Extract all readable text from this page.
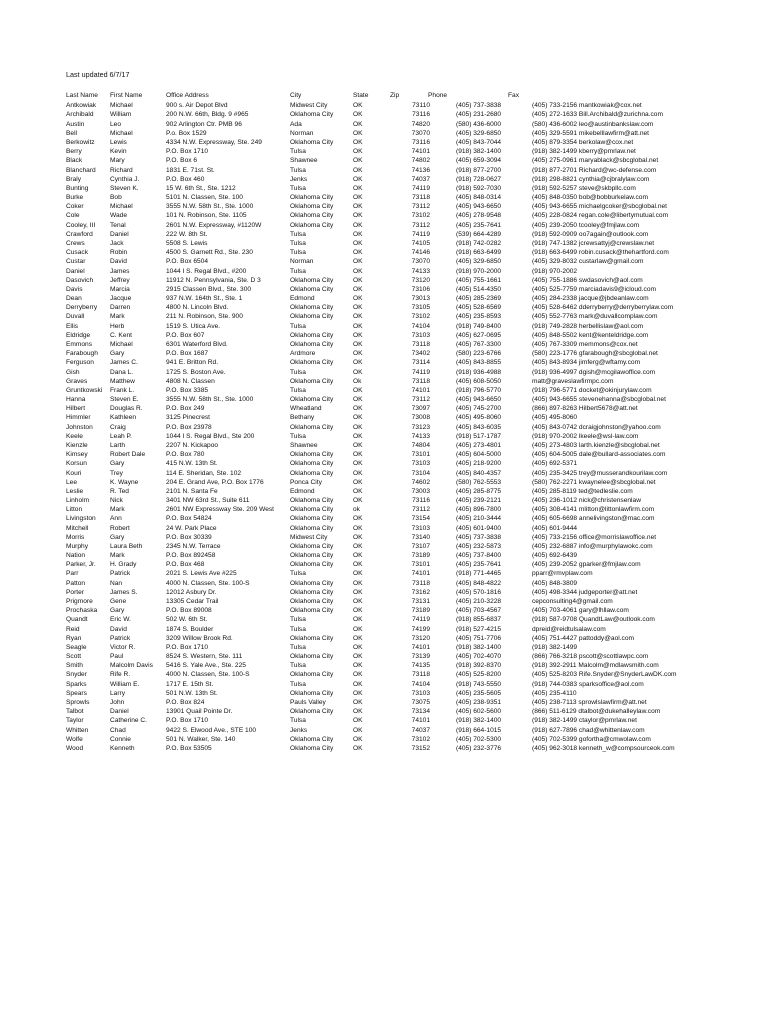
Last updated 6/7/17
Last Name	First Name	Office Address	City	State	Zip	Phone	Fax
Antkowiak	Michael	900 s. Air Depot Blvd	Midwest City	OK	73110	(405) 737-3838	(405) 733-2156 mantkowiak@cox.net
Archibald	William	200 N.W. 66th, Bldg. 9 #965	Oklahoma City	OK	73116	(405) 231-2680	(405) 272-1633 Bill.Archibald@zurichna.com
Austin	Leo	902 Arlington Ctr. PMB 96	Ada	OK	74820	(580) 436-6000	(580) 436-6002 leo@austinbankslaw.com
Bell	Michael	P.o. Box 1529	Norman	OK	73070	(405) 329-6850	(405) 329-5591 mikebelllawfirm@att.net
Berkowitz	Lewis	4334 N.W. Expressway, Ste. 249	Oklahoma City	OK	73116	(405) 843-7044	(405) 879-3354 berkolaw@cox.net
Berry	Kevin	P.O. Box 1710	Tulsa	OK	74101	(918) 382-1400	(918) 382-1499 kberry@pmrlaw.net
Black	Mary	P.O. Box 6	Shawnee	OK	74802	(405) 659-3094	(405) 275-0961 maryablack@sbcglobal.net
Blanchard	Richard	1831 E. 71st. St.	Tulsa	OK	74136	(918) 877-2700	(918) 877-2701 Richard@wc-defense.com
Braly	Cynthia J.	P.O. Box 460	Jenks	OK	74037	(918) 728-0627	(918) 298-8821 cynthia@cjbralylaw.com
Bunting	Steven K.	15 W. 6th St., Ste. 1212	Tulsa	OK	74119	(918) 592-7030	(918) 592-5257 steve@skbpllc.com
Burke	Bob	5101 N. Classen, Ste. 100	Oklahoma City	OK	73118	(405) 848-0314	(405) 848-0350 bob@bobburkelaw.com
Coker	Michael	3555 N.W. 58th St., Ste. 1000	Oklahoma City	OK	73112	(405) 943-6650	(405) 943-6655 michaelgcoker@sbcglobal.net
Cole	Wade	101 N. Robinson, Ste. 1105	Oklahoma City	OK	73102	(405) 278-9548	(405) 228-0824 regan.cole@libertymutual.com
Cooley, III	Tenal	2601 N.W. Expressway, #1120W	Oklahoma City	OK	73112	(405) 235-7641	(405) 239-2050 tcooley@fmjlaw.com
Crawford	Daniel	222 W. 8th St.	Tulsa	OK	74119	(539) 664-4289	(918) 592-0909 oo7again@outlook.com
Crews	Jack	5508 S. Lewis	Tulsa	OK	74105	(918) 742-0282	(918) 747-1382 jcrewsattyj@crewslaw.net
Cusack	Robin	4500 S. Garnett Rd., Ste. 230	Tulsa	OK	74146	(918) 663-6499	(918) 663-6499 robin.cusack@thehartford.com
Custar	David	P.O. Box 6504	Norman	OK	73070	(405) 329-6850	(405) 329-8032 custarlaw@gmail.com
Daniel	James	1044 I S. Regal Blvd., #200	Tulsa	OK	74133	(918) 970-2000	(918) 970-2002
Dasovich	Jeffrey	11912 N. Pennsylvania, Ste. D 3	Oklahoma City	OK	73120	(405) 755-1661	(405) 755-1886 swdasovich@aol.com
Davis	Marcia	2915 Classen Blvd., Ste. 300	Oklahoma City	OK	73106	(405) 514-4350	(405) 525-7759 marciadavis9@icloud.com
Dean	Jacque	937 N.W. 164th St., Ste. 1	Edmond	OK	73013	(405) 285-2369	(405) 284-2338 jacque@jbdeanlaw.com
Derryberry	Darren	4800 N. Lincoln Blvd.	Oklahoma City	OK	73105	(405) 528-6569	(405) 528-6462 dderryberry@derryberrylaw.com
Duvall	Mark	211 N. Robinson, Ste. 900	Oklahoma City	OK	73102	(405) 235-8593	(405) 552-7763 mark@duvallcomplaw.com
Ellis	Herb	1519 S. Utica Ave.	Tulsa	OK	74104	(918) 749-8400	(918) 749-2828 herbellislaw@aol.com
Eldridge	C. Kent	P.O. Box 607	Oklahoma City	OK	73103	(405) 627-0695	(405) 848-5502 kent@kenteldridge.com
Emmons	Michael	6301 Waterford Blvd.	Oklahoma City	OK	73118	(405) 767-3300	(405) 767-3309 memmons@cox.net
Farabough	Gary	P.O. Box 1687	Ardmore	OK	73402	(580) 223-6766	(580) 223-1776 gfarabough@sbcglobal.net
Ferguson	James C.	941 E. Britton Rd.	Oklahoma City	OK	73114	(405) 843-8855	(405) 843-8934 jimferg@wftamy.com
Gish	Dana L.	1725 S. Boston Ave.	Tulsa	OK	74119	(918) 936-4988	(918) 936-4997 dgish@mcgilawoffice.com
Graves	Matthew	4808 N. Classen	Oklahoma City	Ok	73118	(405) 608-5050	matt@graveslawfirmpc.com
Gruntkowski	Frank L.	P.O. Box 3385	Tulsa	OK	74101	(918) 796-5770	(918) 796-5771 docket@okinjurylaw.com
Hanna	Steven E.	3555 N.W. 58th St., Ste. 1000	Oklahoma City	OK	73112	(405) 943-6650	(405) 943-6655 stevenehanna@sbcglobal.net
Hilbert	Douglas R.	P.O. Box 249	Wheatland	OK	73097	(405) 745-2700	(866) 897-8263 Hilbert5678@att.net
Himmler	Kathleen	3125 Pinecrest	Bethany	OK	73008	(405) 495-8060	(405) 495-8060
Johnston	Craig	P.O. Box 23978	Oklahoma City	OK	73123	(405) 843-6035	(405) 843-0742 dcraigjohnston@yahoo.com
Keele	Leah P.	1044 I S. Regal Blvd., Ste 200	Tulsa	OK	74133	(918) 517-1787	(918) 970-2002 lkeele@wsl-law.com
Kienzle	Larth	2207 N. Kickapoo	Shawnee	OK	74804	(405) 273-4801	(405) 273-4803 larth.kienzle@sbcglobal.net
Kimsey	Robert Dale	P.O. Box 780	Oklahoma City	OK	73101	(405) 604-5000	(405) 604-5005 dale@bullard-associates.com
Korsun	Gary	415 N.W. 13th St.	Oklahoma City	OK	73103	(405) 218-9200	(405) 692-5371
Kouri	Trey	114 E. Sheridan, Ste. 102	Oklahoma City	OK	73104	(405) 840-4357	(405) 235-3425 trey@musserandkourilaw.com
Lee	K. Wayne	204 E. Grand Ave, P.O. Box 1776	Ponca City	OK	74602	(580) 762-5553	(580) 762-2271 kwaynelee@sbcglobal.net
Leslie	R. Ted	2101 N. Santa Fe	Edmond	OK	73003	(405) 285-8775	(405) 285-8119 ted@tedleslie.com
Linholm	Nick	3401 NW 63rd St., Suite 611	Oklahoma City	OK	73116	(405) 239-2121	(405) 236-1012 nick@christensenlaw
Litton	Mark	2601 NW Expressway Ste. 209 West	Oklahoma City	ok	73112	(405) 896-7800	(405) 308-4141 mlitton@littonlawfirm.com
Livingston	Ann	P.O. Box 54824	Oklahoma City	OK	73154	(405) 210-3444	(405) 605-6698 annelivingston@mac.com
Mitchell	Robert	24 W. Park Place	Oklahoma City	OK	73103	(405) 601-9400	(405) 601-9444
Morris	Gary	P.O. Box 30339	Midwest City	OK	73140	(405) 737-3838	(405) 733-2156 office@morrislawoffice.net
Murphy	Laura Beth	2345 N.W. Terrace	Oklahoma City	OK	73107	(405) 232-5873	(405) 232-6887 info@murphylawokc.com
Nation	Mark	P.O. Box 892458	Oklahoma City	OK	73189	(405) 737-8400	(405) 692-6439
Parker, Jr.	H. Grady	P.O. Box 468	Oklahoma City	OK	73101	(405) 235-7641	(405) 239-2052 gparker@fmjlaw.com
Parr	Patrick	2021 S. Lewis Ave #225	Tulsa	OK	74101	(918) 771-4465	pparr@rmvplaw.com
Patton	Nan	4000 N. Classen, Ste. 100-S	Oklahoma City	OK	73118	(405) 848-4822	(405) 848-3809
Porter	James S.	12012 Asbury Dr.	Oklahoma City	OK	73162	(405) 570-1816	(405) 498-3344 judgeporter@att.net
Prigmore	Gene	13305 Cedar Trail	Oklahoma City	OK	73131	(405) 210-3228	cepconsulting4@gmail.com
Prochaska	Gary	P.O. Box 89008	Oklahoma City	OK	73189	(405) 703-4567	(405) 703-4061 gary@lhllaw.com
Quandt	Eric W.	502 W. 6th St.	Tulsa	OK	74119	(918) 855-6837	(918) 587-9708 QuandtLaw@outlook.com
Reid	David	1874 S. Boulder	Tulsa	OK	74199	(918) 527-4215	dpreid@reidtulsalaw.com
Ryan	Patrick	3209 Willow Brook Rd.	Oklahoma City	OK	73120	(405) 751-7706	(405) 751-4427 pattoddy@aol.com
Seagle	Victor R.	P.O. Box 1710	Tulsa	OK	74101	(918) 382-1400	(918) 382-1499
Scott	Paul	8524 S. Western, Ste. 111	Oklahoma City	OK	73139	(405) 702-4070	(866) 766-3218 pscott@scottlawpc.com
Smith	Malcolm Davis	5416 S. Yale Ave., Ste. 225	Tulsa	OK	74135	(918) 392-8370	(918) 392-2911 Malcolm@mdlawsmith.com
Snyder	Rife R.	4000 N. Classen, Ste. 100-S	Oklahoma City	OK	73118	(405) 525-8200	(405) 525-8203 Rife.Snyder@SnyderLawDK.com
Sparks	William E.	1717 E. 15th St.	Tulsa	OK	74104	(918) 743-5550	(918) 744-0383 sparksoffice@aol.com
Spears	Larry	501 N.W. 13th St.	Oklahoma City	OK	73103	(405) 235-5605	(405) 235-4110
Sprowls	John	P.O. Box 824	Pauls Valley	OK	73075	(405) 238-9351	(405) 238-7113 sprowlslawfirm@att.net
Talbot	Daniel	13901 Quail Pointe Dr.	Oklahoma City	OK	73134	(405) 602-5600	(866) 511-6129 dtalbot@dukehalleylaw.com
Taylor	Catherine C.	P.O. Box 1710	Tulsa	OK	74101	(918) 382-1400	(918) 382-1499 ctaylor@pmrlaw.net
Whitten	Chad	9422 S. Elwood Ave., STE 100	Jenks	OK	74037	(918) 664-1015	(918) 627-7896 chad@whittenlaw.com
Wolfe	Connie	501 N. Walker, Ste. 140	Oklahoma City	OK	73102	(405) 702-5300	(405) 702-5399 gofortha@cmwolaw.com
Wood	Kenneth	P.O. Box 53505	Oklahoma City	OK	73152	(405) 232-3776	(405) 962-3018 kenneth_w@compsourceok.com
